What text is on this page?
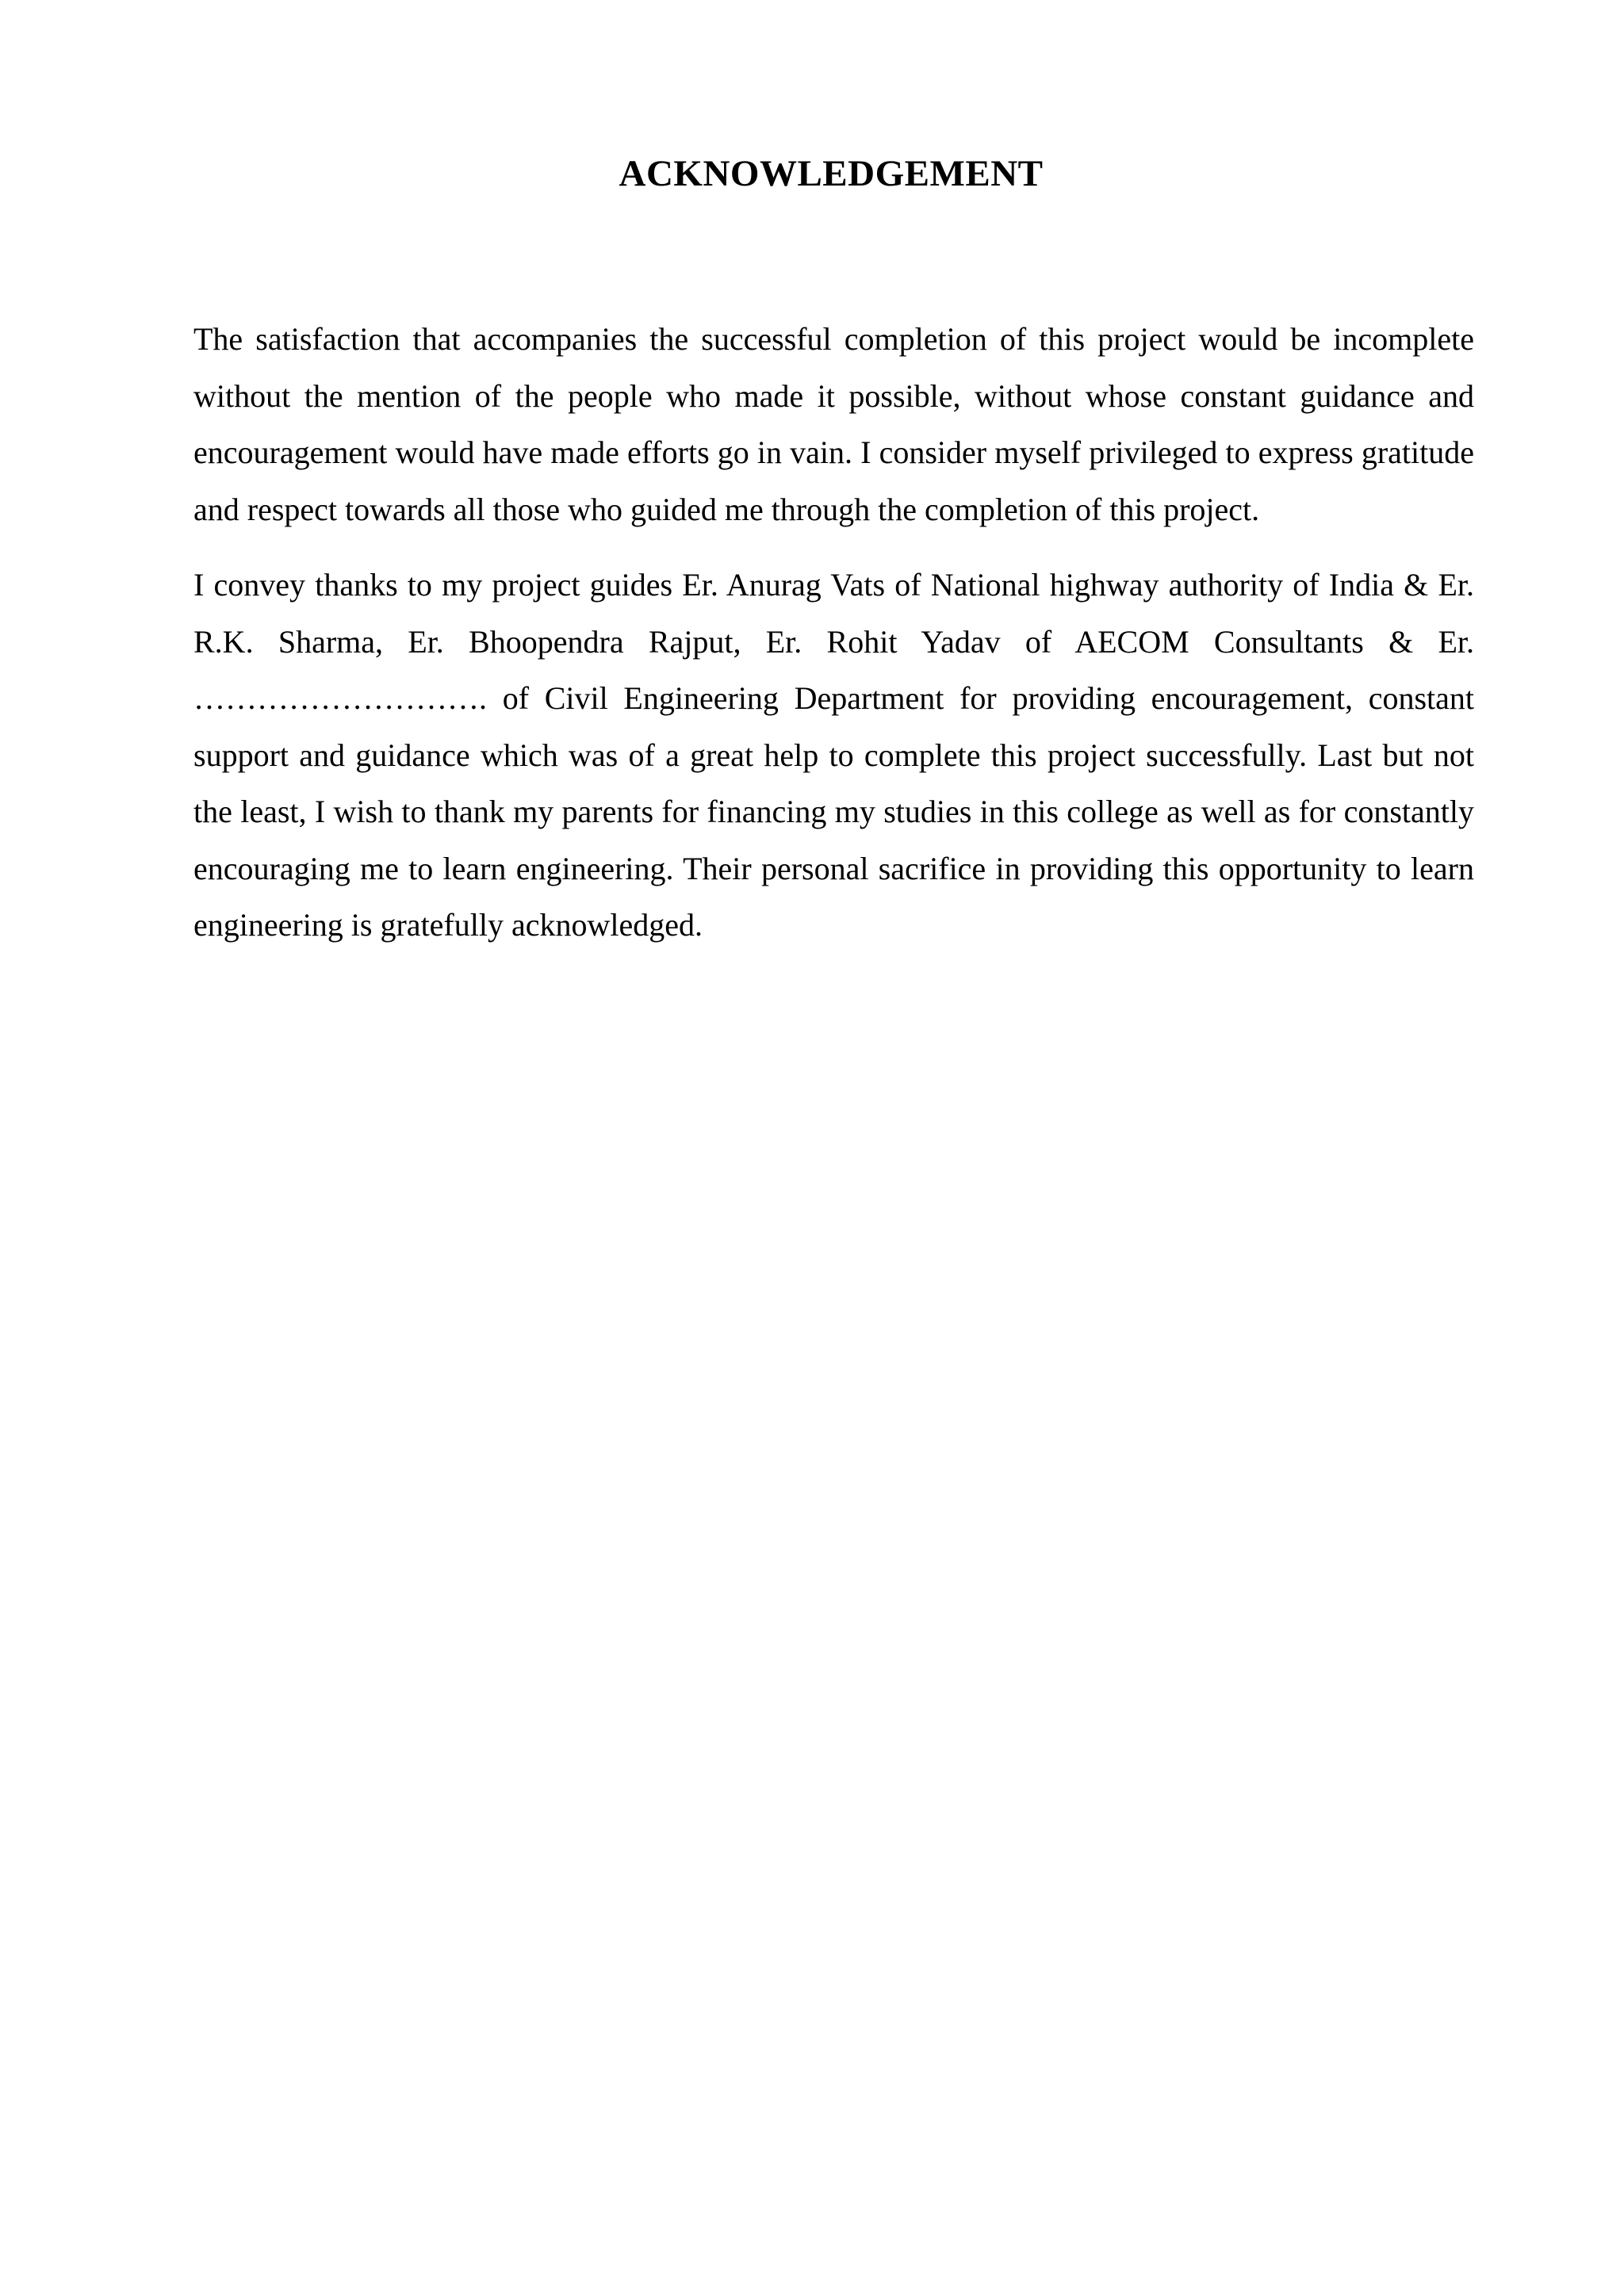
ACKNOWLEDGEMENT

The satisfaction that accompanies the successful completion of this project would be incomplete without the mention of the people who made it possible, without whose constant guidance and encouragement would have made efforts go in vain. I consider myself privileged to express gratitude and respect towards all those who guided me through the completion of this project.

I convey thanks to my project guides Er. Anurag Vats of National highway authority of India & Er. R.K. Sharma, Er. Bhoopendra Rajput, Er. Rohit Yadav of AECOM Consultants & Er. ………………………. of Civil Engineering Department for providing encouragement, constant support and guidance which was of a great help to complete this project successfully. Last but not the least, I wish to thank my parents for financing my studies in this college as well as for constantly encouraging me to learn engineering. Their personal sacrifice in providing this opportunity to learn engineering is gratefully acknowledged.
